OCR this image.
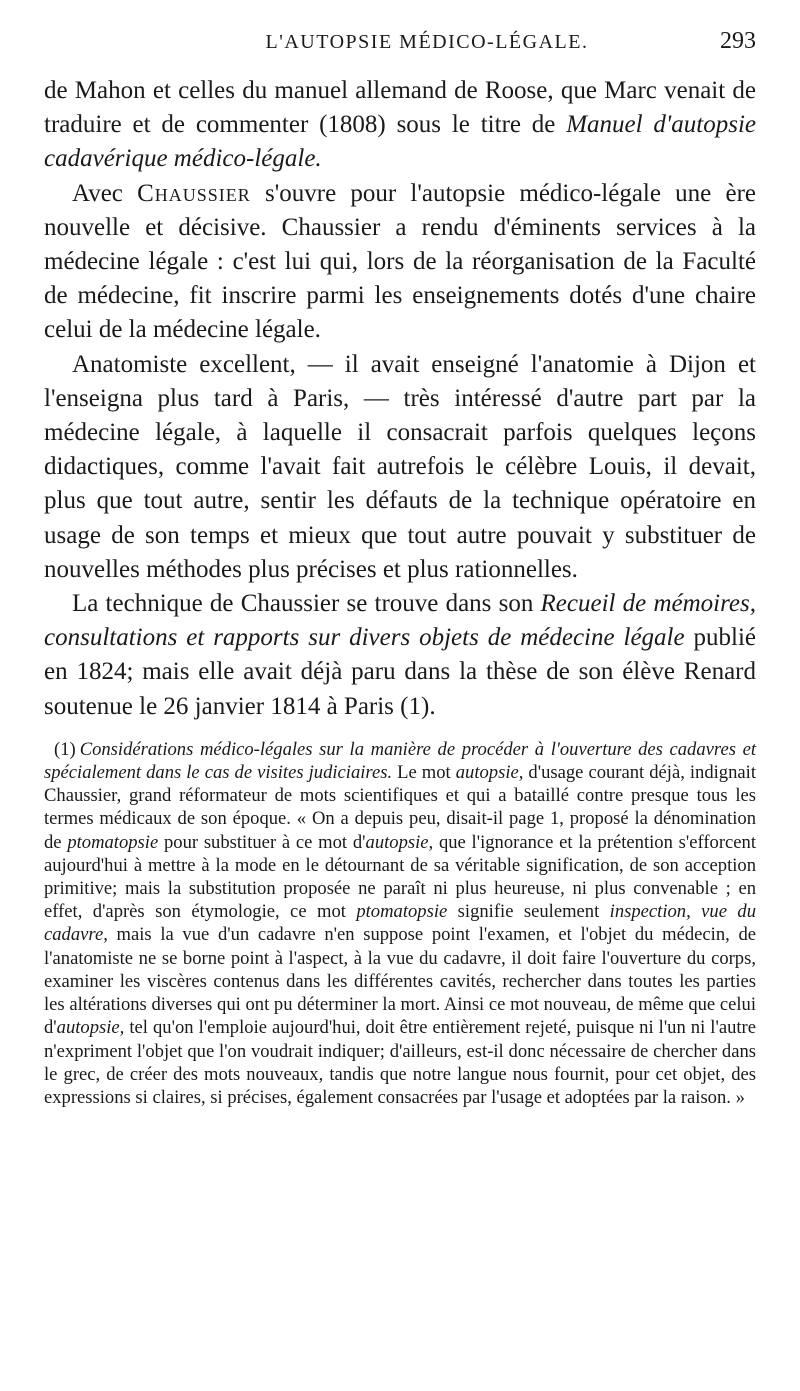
L'AUTOPSIE MÉDICO-LÉGALE.	293

de Mahon et celles du manuel allemand de Roose, que Marc venait de traduire et de commenter (1808) sous le titre de Manuel d'autopsie cadavérique médico-légale.

Avec Chaussier s'ouvre pour l'autopsie médico-légale une ère nouvelle et décisive. Chaussier a rendu d'éminents services à la médecine légale : c'est lui qui, lors de la réorganisation de la Faculté de médecine, fit inscrire parmi les enseignements dotés d'une chaire celui de la médecine légale.

Anatomiste excellent, — il avait enseigné l'anatomie à Dijon et l'enseigna plus tard à Paris, — très intéressé d'autre part par la médecine légale, à laquelle il consacrait parfois quelques leçons didactiques, comme l'avait fait autrefois le célèbre Louis, il devait, plus que tout autre, sentir les défauts de la technique opératoire en usage de son temps et mieux que tout autre pouvait y substituer de nouvelles méthodes plus précises et plus rationnelles.

La technique de Chaussier se trouve dans son Recueil de mémoires, consultations et rapports sur divers objets de médecine légale publié en 1824; mais elle avait déjà paru dans la thèse de son élève Renard soutenue le 26 janvier 1814 à Paris (1).

(1) Considérations médico-légales sur la manière de procéder à l'ouverture des cadavres et spécialement dans le cas de visites judiciaires. Le mot autopsie, d'usage courant déjà, indignait Chaussier, grand réformateur de mots scientifiques et qui a bataillé contre presque tous les termes médicaux de son époque. « On a depuis peu, disait-il page 1, proposé la dénomination de ptomatopsie pour substituer à ce mot d'autopsie, que l'ignorance et la prétention s'efforcent aujourd'hui à mettre à la mode en le détournant de sa véritable signification, de son acception primitive; mais la substitution proposée ne paraît ni plus heureuse, ni plus convenable ; en effet, d'après son étymologie, ce mot ptomatopsie signifie seulement inspection, vue du cadavre, mais la vue d'un cadavre n'en suppose point l'examen, et l'objet du médecin, de l'anatomiste ne se borne point à l'aspect, à la vue du cadavre, il doit faire l'ouverture du corps, examiner les viscères contenus dans les différentes cavités, rechercher dans toutes les parties les altérations diverses qui ont pu déterminer la mort. Ainsi ce mot nouveau, de même que celui d'autopsie, tel qu'on l'emploie aujourd'hui, doit être entièrement rejeté, puisque ni l'un ni l'autre n'expriment l'objet que l'on voudrait indiquer; d'ailleurs, est-il donc nécessaire de chercher dans le grec, de créer des mots nouveaux, tandis que notre langue nous fournit, pour cet objet, des expressions si claires, si précises, également consacrées par l'usage et adoptées par la raison. »
